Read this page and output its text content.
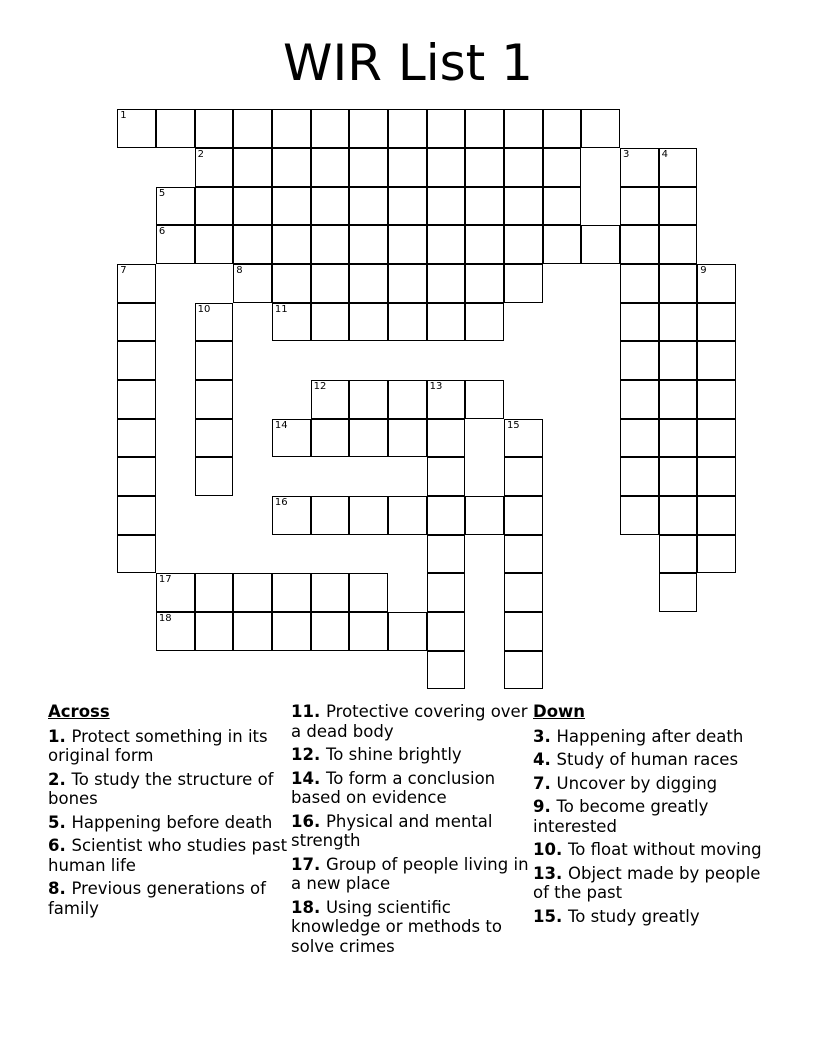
WIR List 1
1
2	3	4
5
6
7	8	9
10	11
12	13
14	15
16
17
18
Across
1. Protect something in its original form
2. To study the structure of bones
5. Happening before death
6. Scientist who studies past human life
8. Previous generations of family
11. Protective covering over a dead body
12. To shine brightly
14. To form a conclusion based on evidence
16. Physical and mental strength
17. Group of people living in a new place
18. Using scientific knowledge or methods to solve crimes
Down
3. Happening after death
4. Study of human races
7. Uncover by digging
9. To become greatly interested
10. To float without moving
13. Object made by people of the past
15. To study greatly
